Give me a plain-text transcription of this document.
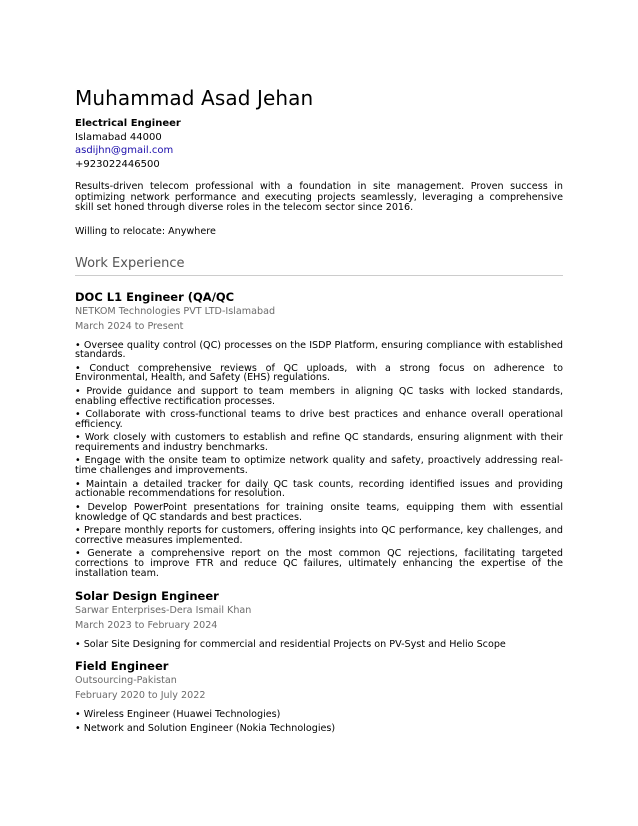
Muhammad Asad Jehan
Electrical Engineer
Islamabad 44000
asdijhn@gmail.com
+923022446500
Results-driven telecom professional with a foundation in site management. Proven success in optimizing network performance and executing projects seamlessly, leveraging a comprehensive skill set honed through diverse roles in the telecom sector since 2016.
Willing to relocate: Anywhere
Work Experience
DOC L1 Engineer (QA/QC
NETKOM Technologies PVT LTD-Islamabad
March 2024 to Present
• Oversee quality control (QC) processes on the ISDP Platform, ensuring compliance with established standards.
• Conduct comprehensive reviews of QC uploads, with a strong focus on adherence to Environmental, Health, and Safety (EHS) regulations.
• Provide guidance and support to team members in aligning QC tasks with locked standards, enabling effective rectification processes.
• Collaborate with cross-functional teams to drive best practices and enhance overall operational efficiency.
• Work closely with customers to establish and refine QC standards, ensuring alignment with their requirements and industry benchmarks.
• Engage with the onsite team to optimize network quality and safety, proactively addressing real-time challenges and improvements.
• Maintain a detailed tracker for daily QC task counts, recording identified issues and providing actionable recommendations for resolution.
• Develop PowerPoint presentations for training onsite teams, equipping them with essential knowledge of QC standards and best practices.
• Prepare monthly reports for customers, offering insights into QC performance, key challenges, and corrective measures implemented.
• Generate a comprehensive report on the most common QC rejections, facilitating targeted corrections to improve FTR and reduce QC failures, ultimately enhancing the expertise of the installation team.
Solar Design Engineer
Sarwar Enterprises-Dera Ismail Khan
March 2023 to February 2024
• Solar Site Designing for commercial and residential Projects on PV-Syst and Helio Scope
Field Engineer
Outsourcing-Pakistan
February 2020 to July 2022
• Wireless Engineer (Huawei Technologies)
• Network and Solution Engineer (Nokia Technologies)
